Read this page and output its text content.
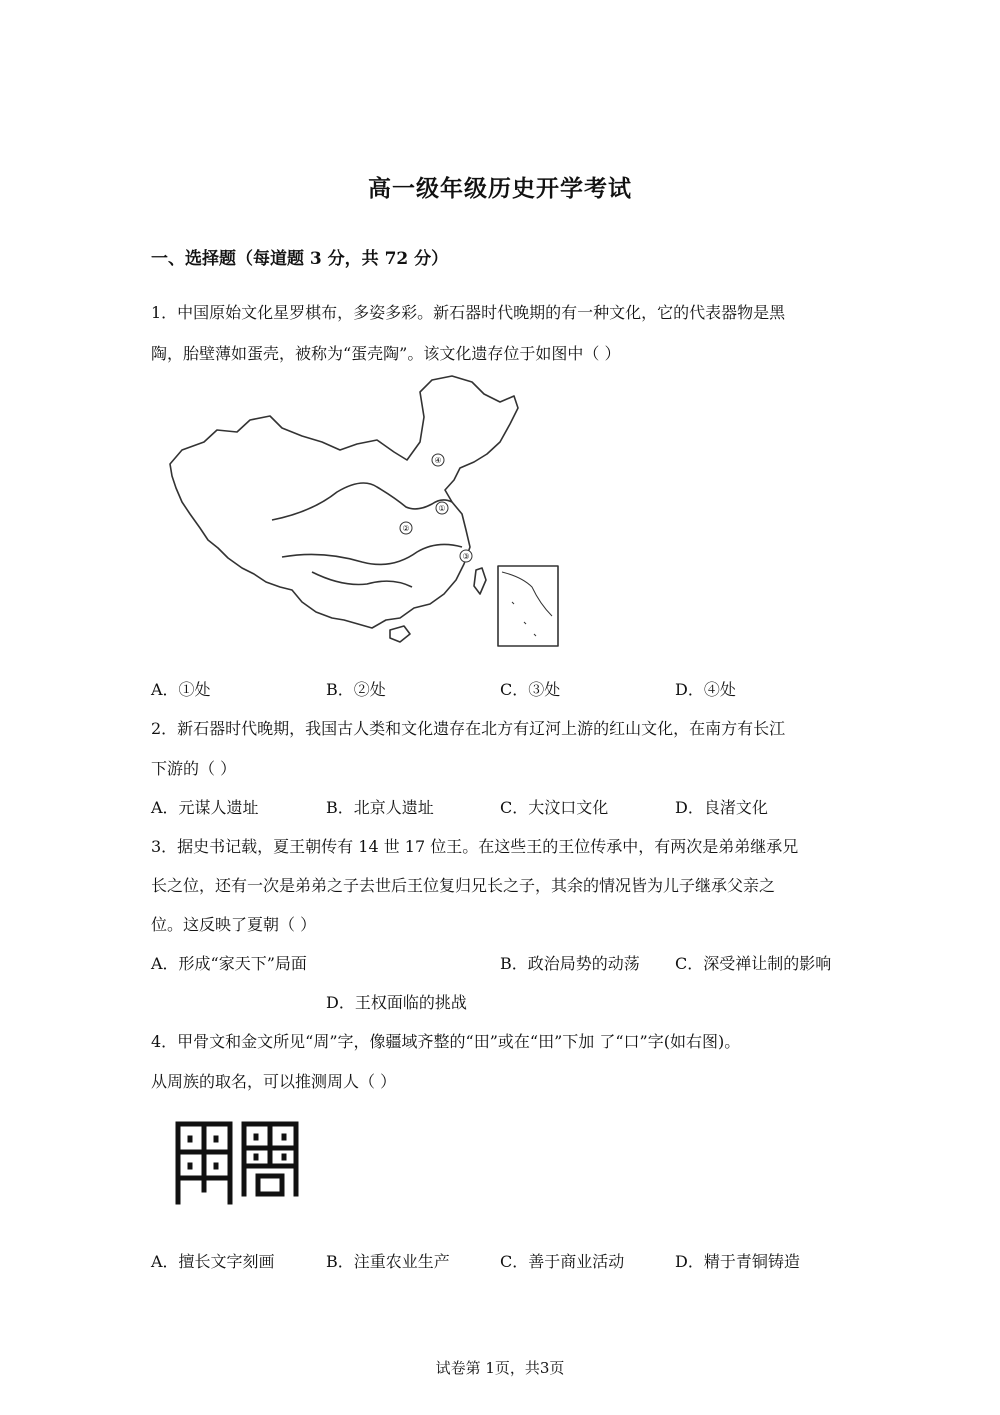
高一级年级历史开学考试
一、选择题（每道题 3 分，共 72 分）
1．中国原始文化星罗棋布，多姿多彩。新石器时代晚期的有一种文化，它的代表器物是黑
陶，胎壁薄如蛋壳，被称为“蛋壳陶”。该文化遗存位于如图中（ ）
④
①
②
③
A．①处	B．②处	C．③处	D．④处
2．新石器时代晚期，我国古人类和文化遗存在北方有辽河上游的红山文化，在南方有长江
下游的（ ）
A．元谋人遗址	B．北京人遗址	C．大汶口文化	D．良渚文化
3．据史书记载，夏王朝传有 14 世 17 位王。在这些王的王位传承中，有两次是弟弟继承兄
长之位，还有一次是弟弟之子去世后王位复归兄长之子，其余的情况皆为儿子继承父亲之
位。这反映了夏朝（ ）
A．形成“家天下”局面	B．政治局势的动荡 C．深受禅让制的影响
D．王权面临的挑战
4．甲骨文和金文所见“周”字，像疆域齐整的“田”或在“田”下加 了“口”字(如右图)。
从周族的取名，可以推测周人（ ）
A．擅长文字刻画	B．注重农业生产	C．善于商业活动	D．精于青铜铸造
试卷第 1页，共3页
